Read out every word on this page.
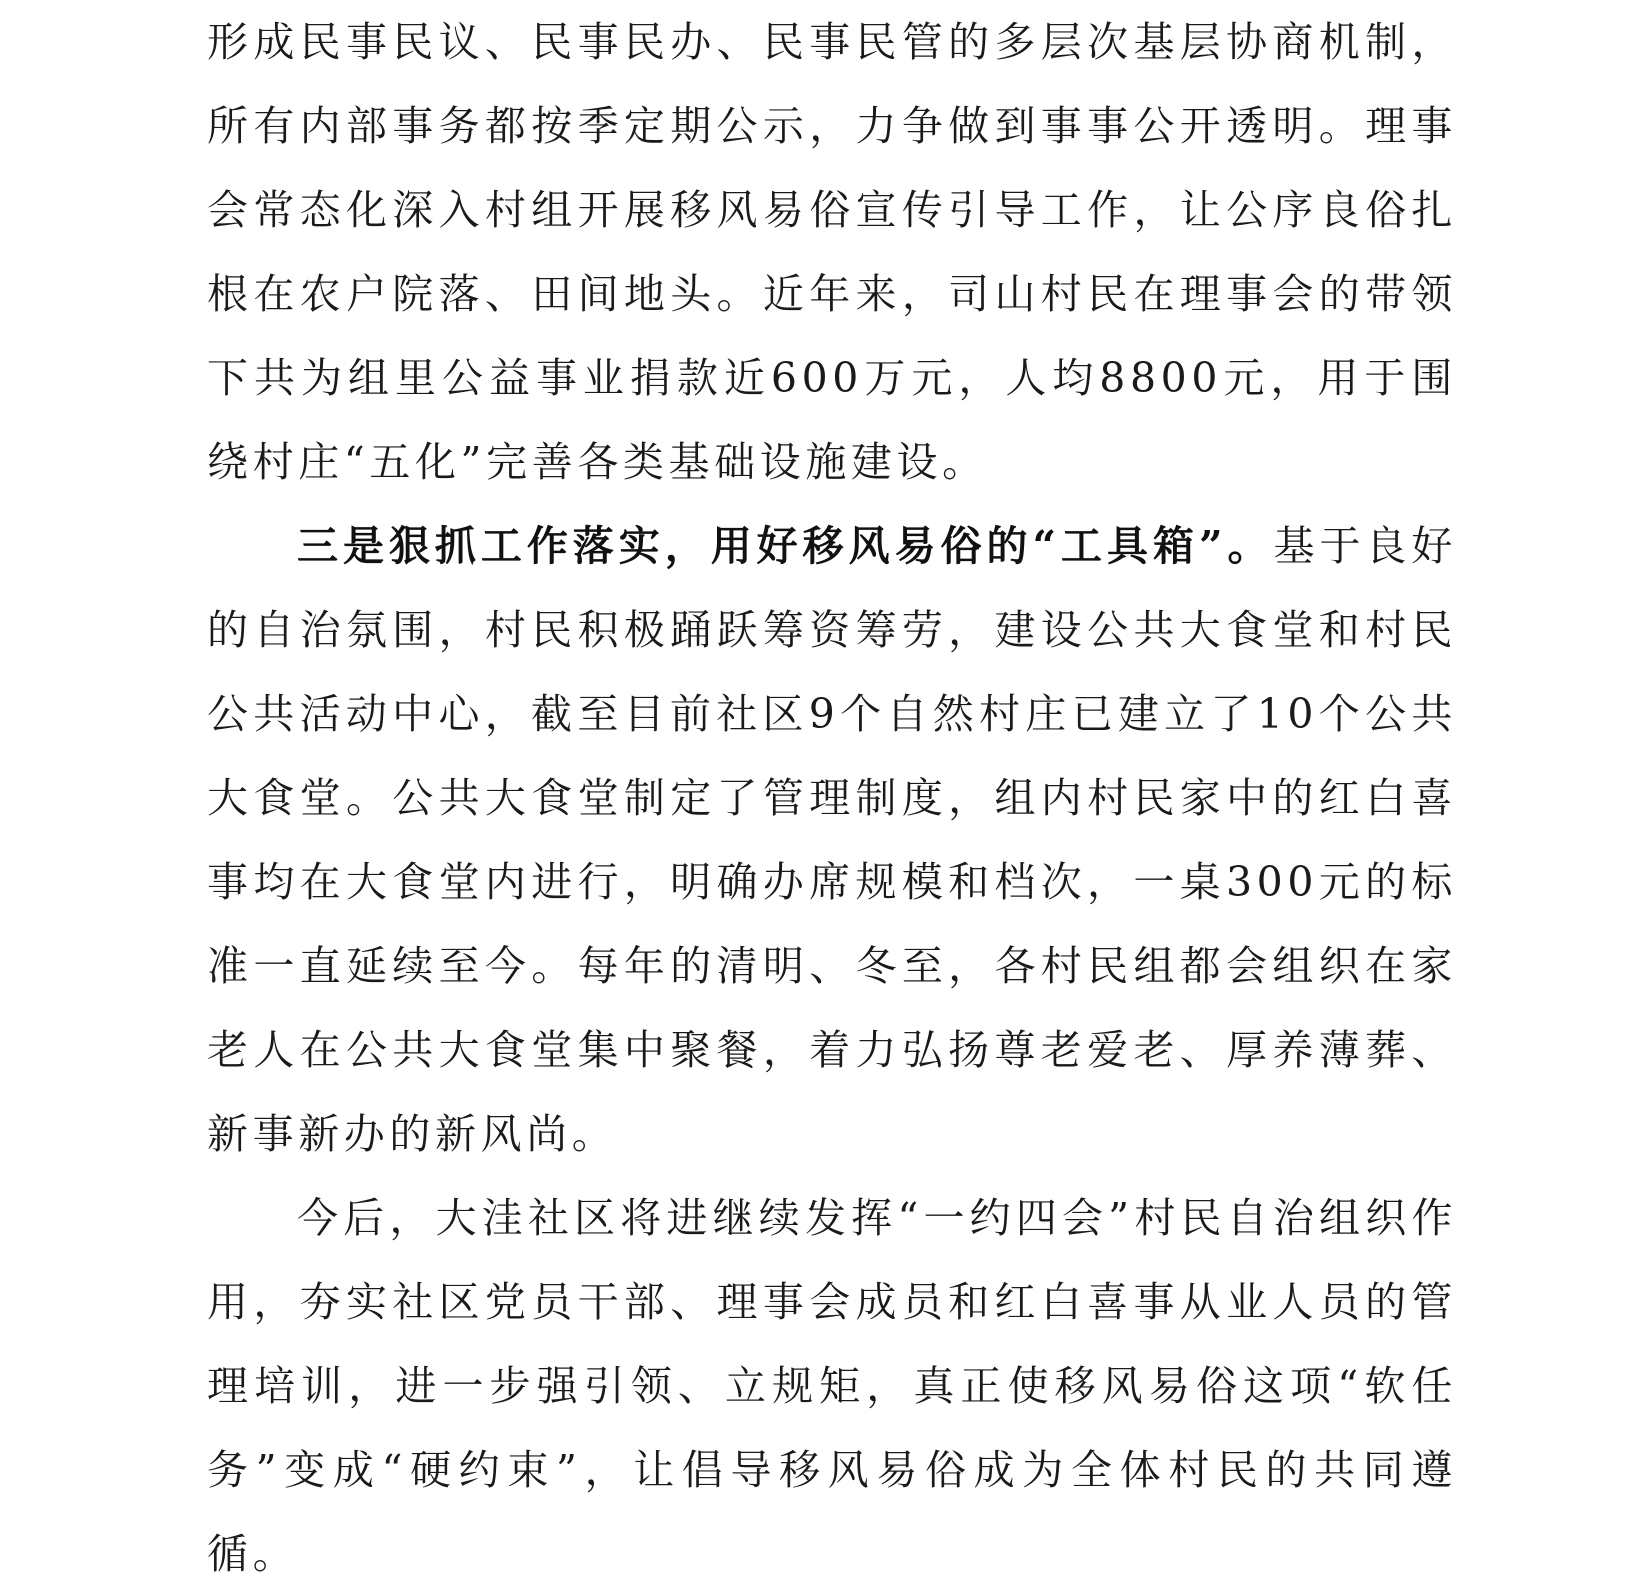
形成民事民议、民事民办、民事民管的多层次基层协商机制，所有内部事务都按季定期公示，力争做到事事公开透明。理事会常态化深入村组开展移风易俗宣传引导工作，让公序良俗扎根在农户院落、田间地头。近年来，司山村民在理事会的带领下共为组里公益事业捐款近600万元，人均8800元，用于围绕村庄“五化”完善各类基础设施建设。

三是狠抓工作落实，用好移风易俗的“工具箱”。基于良好的自治氛围，村民积极踊跃筹资筹劳，建设公共大食堂和村民公共活动中心，截至目前社区9个自然村庄已建立了10个公共大食堂。公共大食堂制定了管理制度，组内村民家中的红白喜事均在大食堂内进行，明确办席规模和档次，一桌300元的标准一直延续至今。每年的清明、冬至，各村民组都会组织在家老人在公共大食堂集中聚餐，着力弘扬尊老爱老、厚养薄葬、新事新办的新风尚。

今后，大洼社区将进继续发挥“一约四会”村民自治组织作用，夯实社区党员干部、理事会成员和红白喜事从业人员的管理培训，进一步强引领、立规矩，真正使移风易俗这项“软任务”变成“硬约束”，让倡导移风易俗成为全体村民的共同遵循。
